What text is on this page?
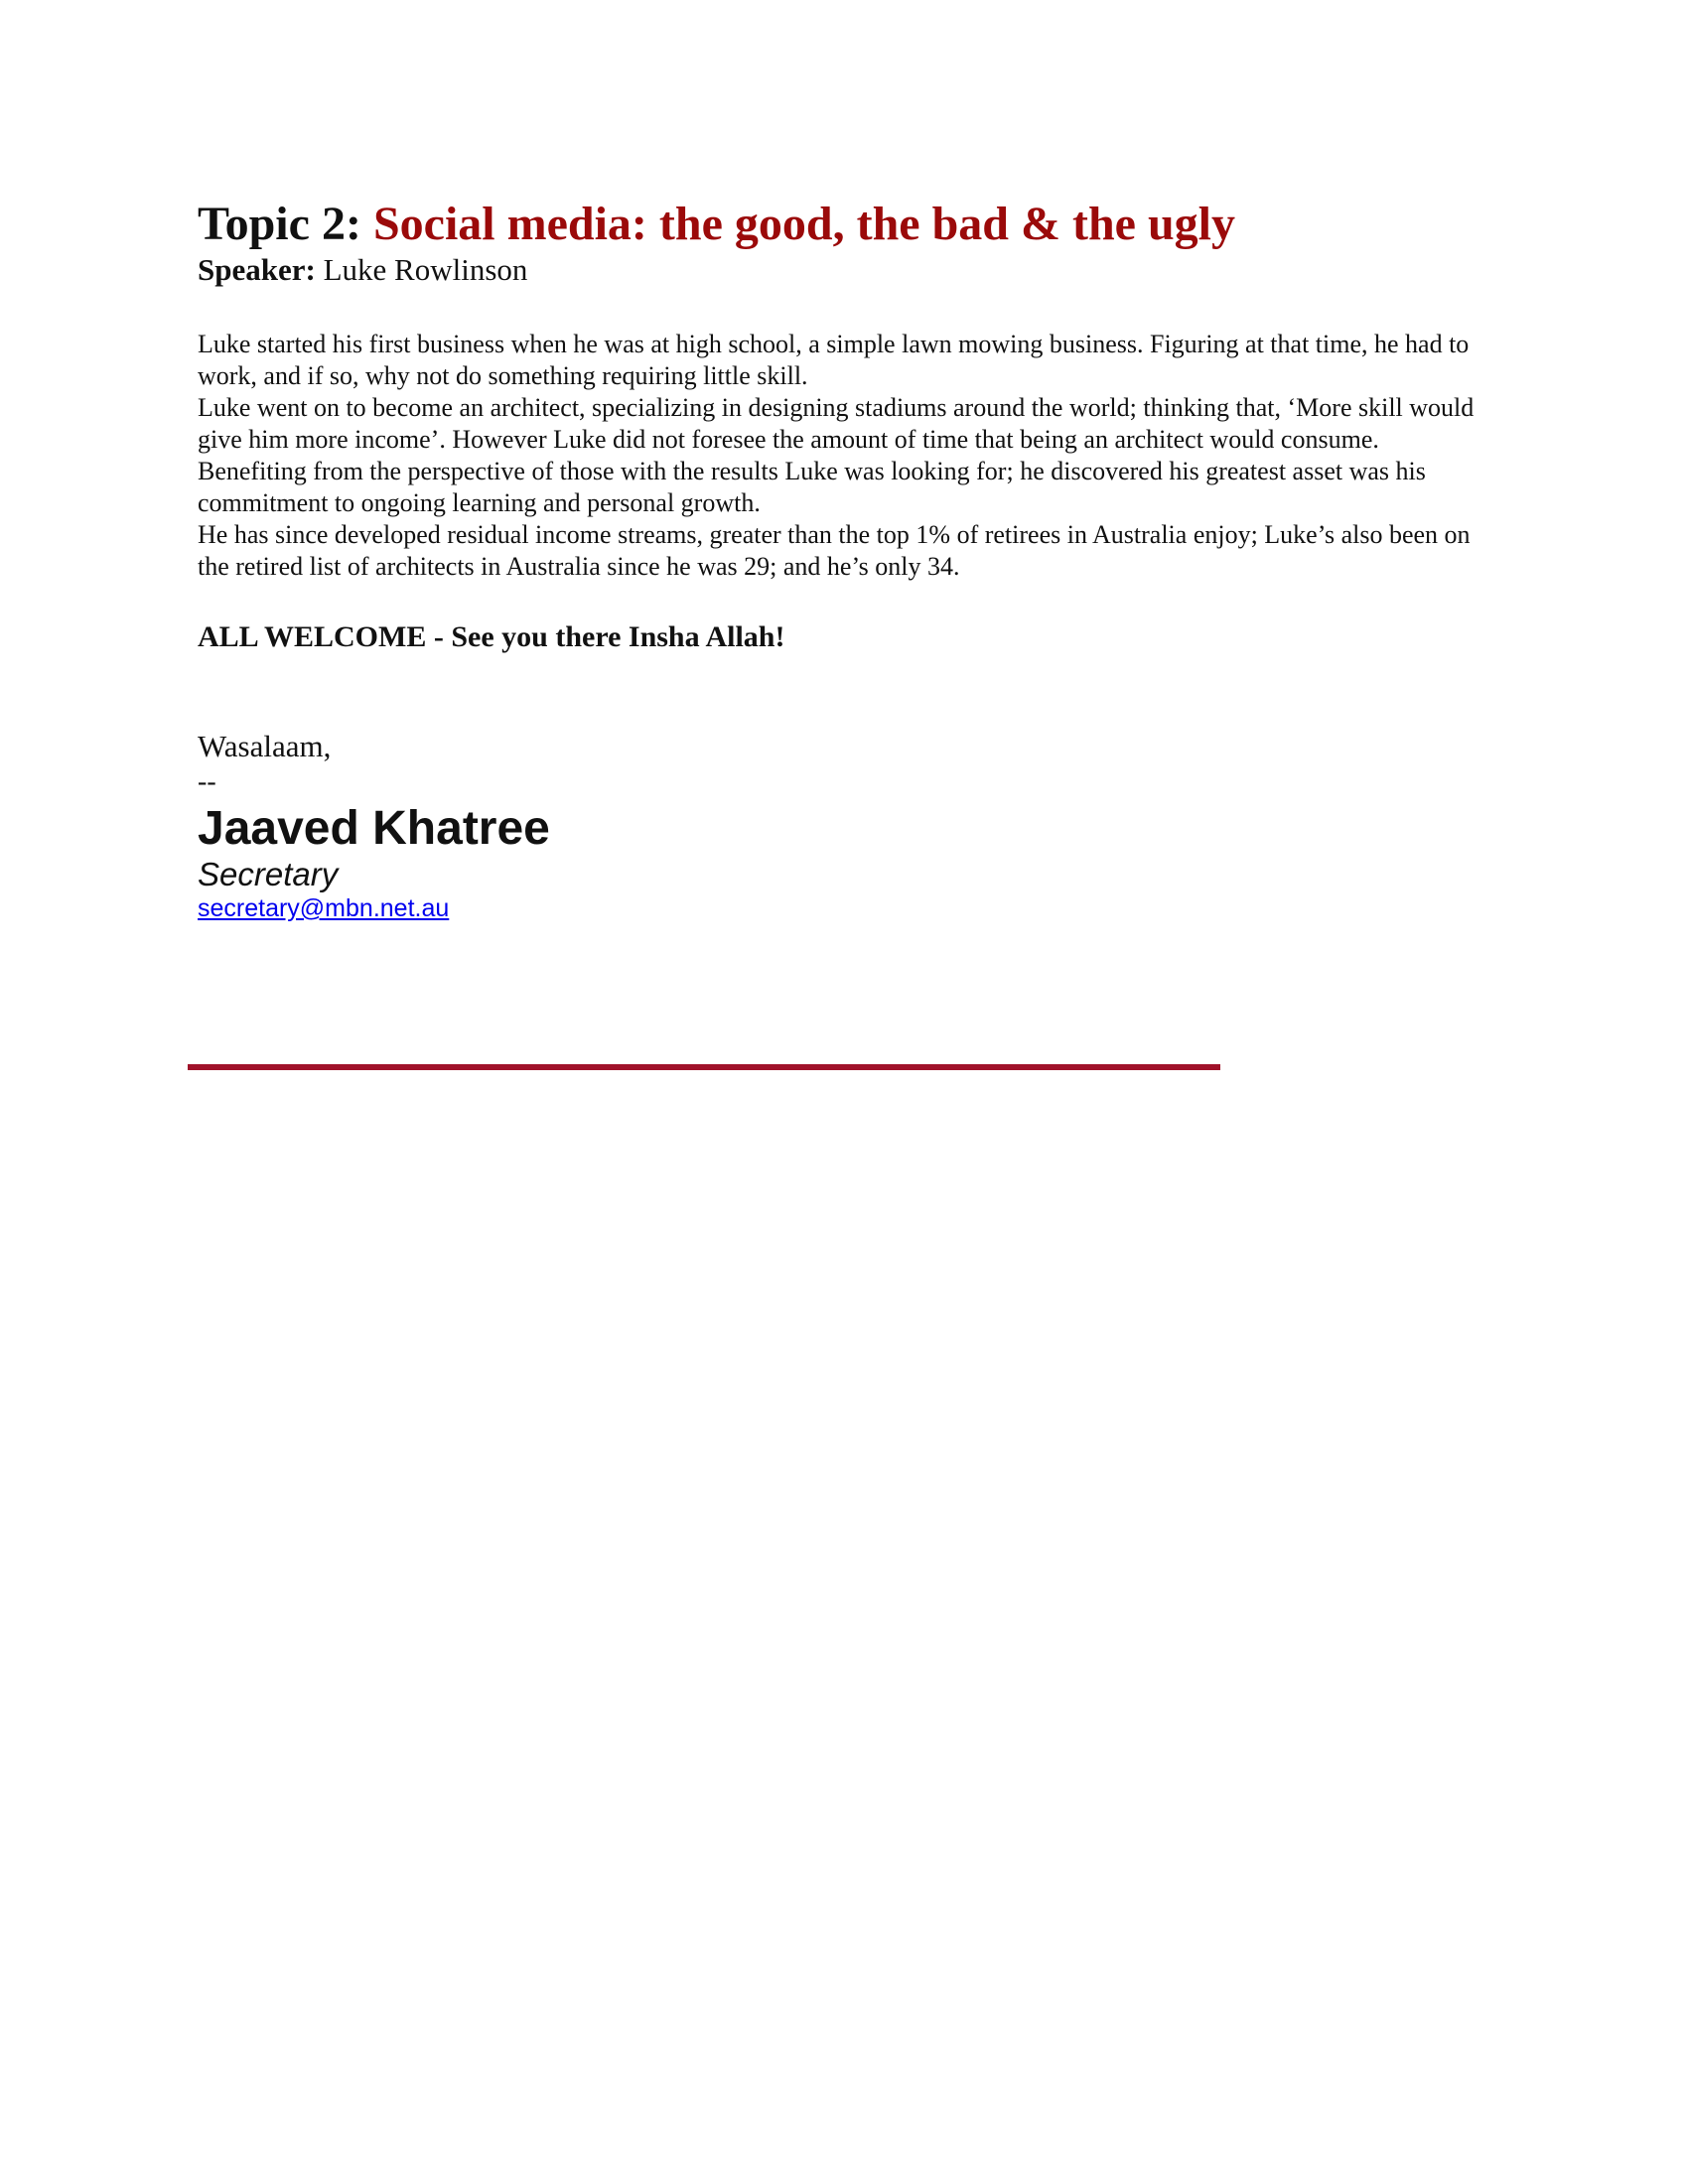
Topic 2: Social media: the good, the bad & the ugly

Speaker: Luke Rowlinson

Luke started his first business when he was at high school, a simple lawn mowing business. Figuring at that time, he had to work, and if so, why not do something requiring little skill.

Luke went on to become an architect, specializing in designing stadiums around the world; thinking that, ‘More skill would give him more income’. However Luke did not foresee the amount of time that being an architect would consume.

Benefiting from the perspective of those with the results Luke was looking for; he discovered his greatest asset was his commitment to ongoing learning and personal growth.

He has since developed residual income streams, greater than the top 1% of retirees in Australia enjoy; Luke’s also been on the retired list of architects in Australia since he was 29; and he’s only 34.

ALL WELCOME - See you there Insha Allah!
Wasalaam,
--
Jaaved Khatree
Secretary
secretary@mbn.net.au
